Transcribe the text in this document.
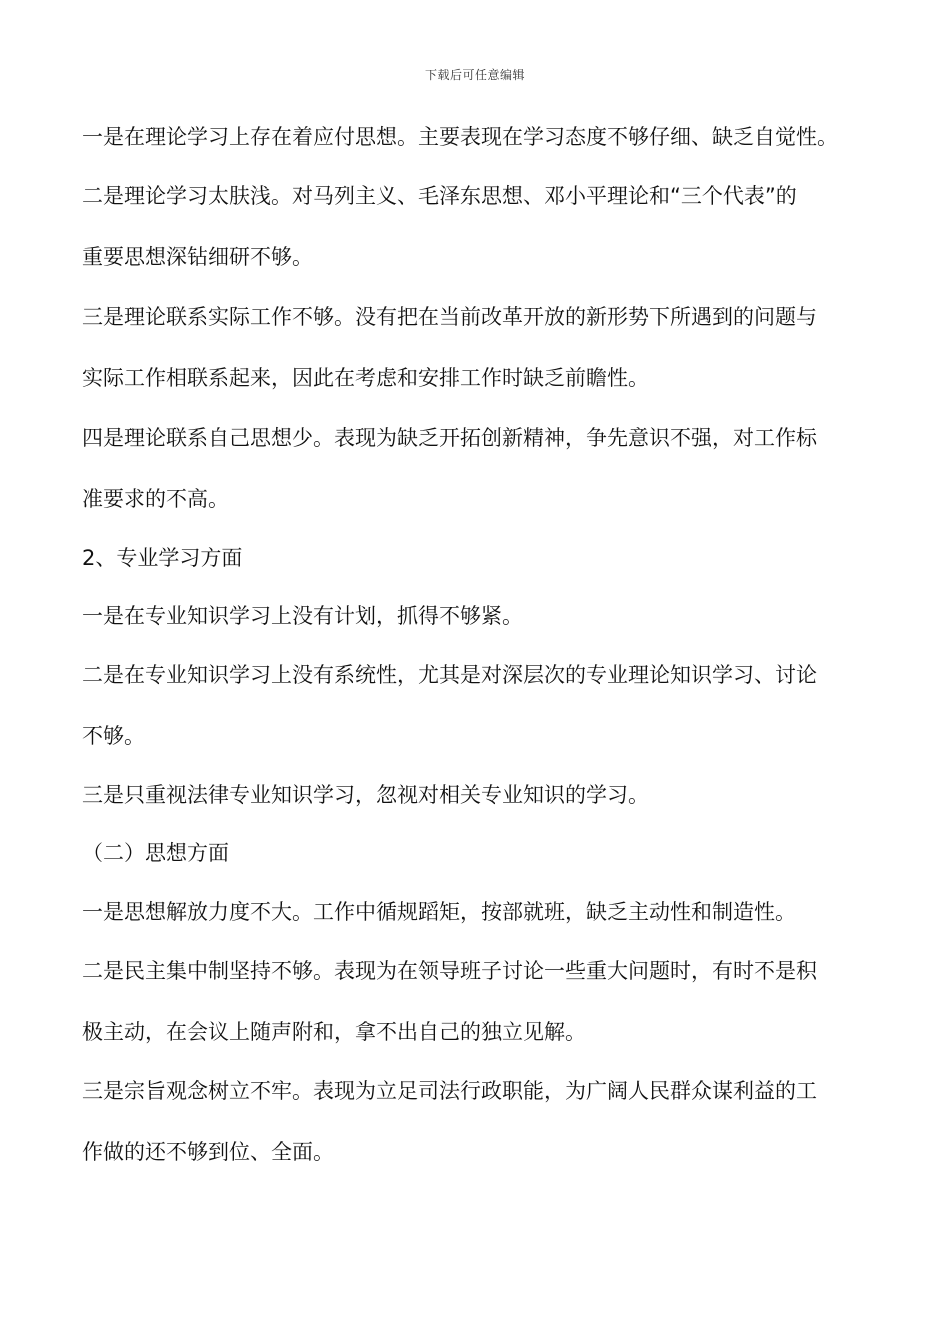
下载后可任意编辑
一是在理论学习上存在着应付思想。主要表现在学习态度不够仔细、缺乏自觉性。
二是理论学习太肤浅。对马列主义、毛泽东思想、邓小平理论和“三个代表”的
重要思想深钻细研不够。
三是理论联系实际工作不够。没有把在当前改革开放的新形势下所遇到的问题与
实际工作相联系起来，因此在考虑和安排工作时缺乏前瞻性。
四是理论联系自己思想少。表现为缺乏开拓创新精神，争先意识不强，对工作标
准要求的不高。
2、专业学习方面
一是在专业知识学习上没有计划，抓得不够紧。
二是在专业知识学习上没有系统性，尤其是对深层次的专业理论知识学习、讨论
不够。
三是只重视法律专业知识学习，忽视对相关专业知识的学习。
（二）思想方面
一是思想解放力度不大。工作中循规蹈矩，按部就班，缺乏主动性和制造性。
二是民主集中制坚持不够。表现为在领导班子讨论一些重大问题时，有时不是积
极主动，在会议上随声附和，拿不出自己的独立见解。
三是宗旨观念树立不牢。表现为立足司法行政职能，为广阔人民群众谋利益的工
作做的还不够到位、全面。
